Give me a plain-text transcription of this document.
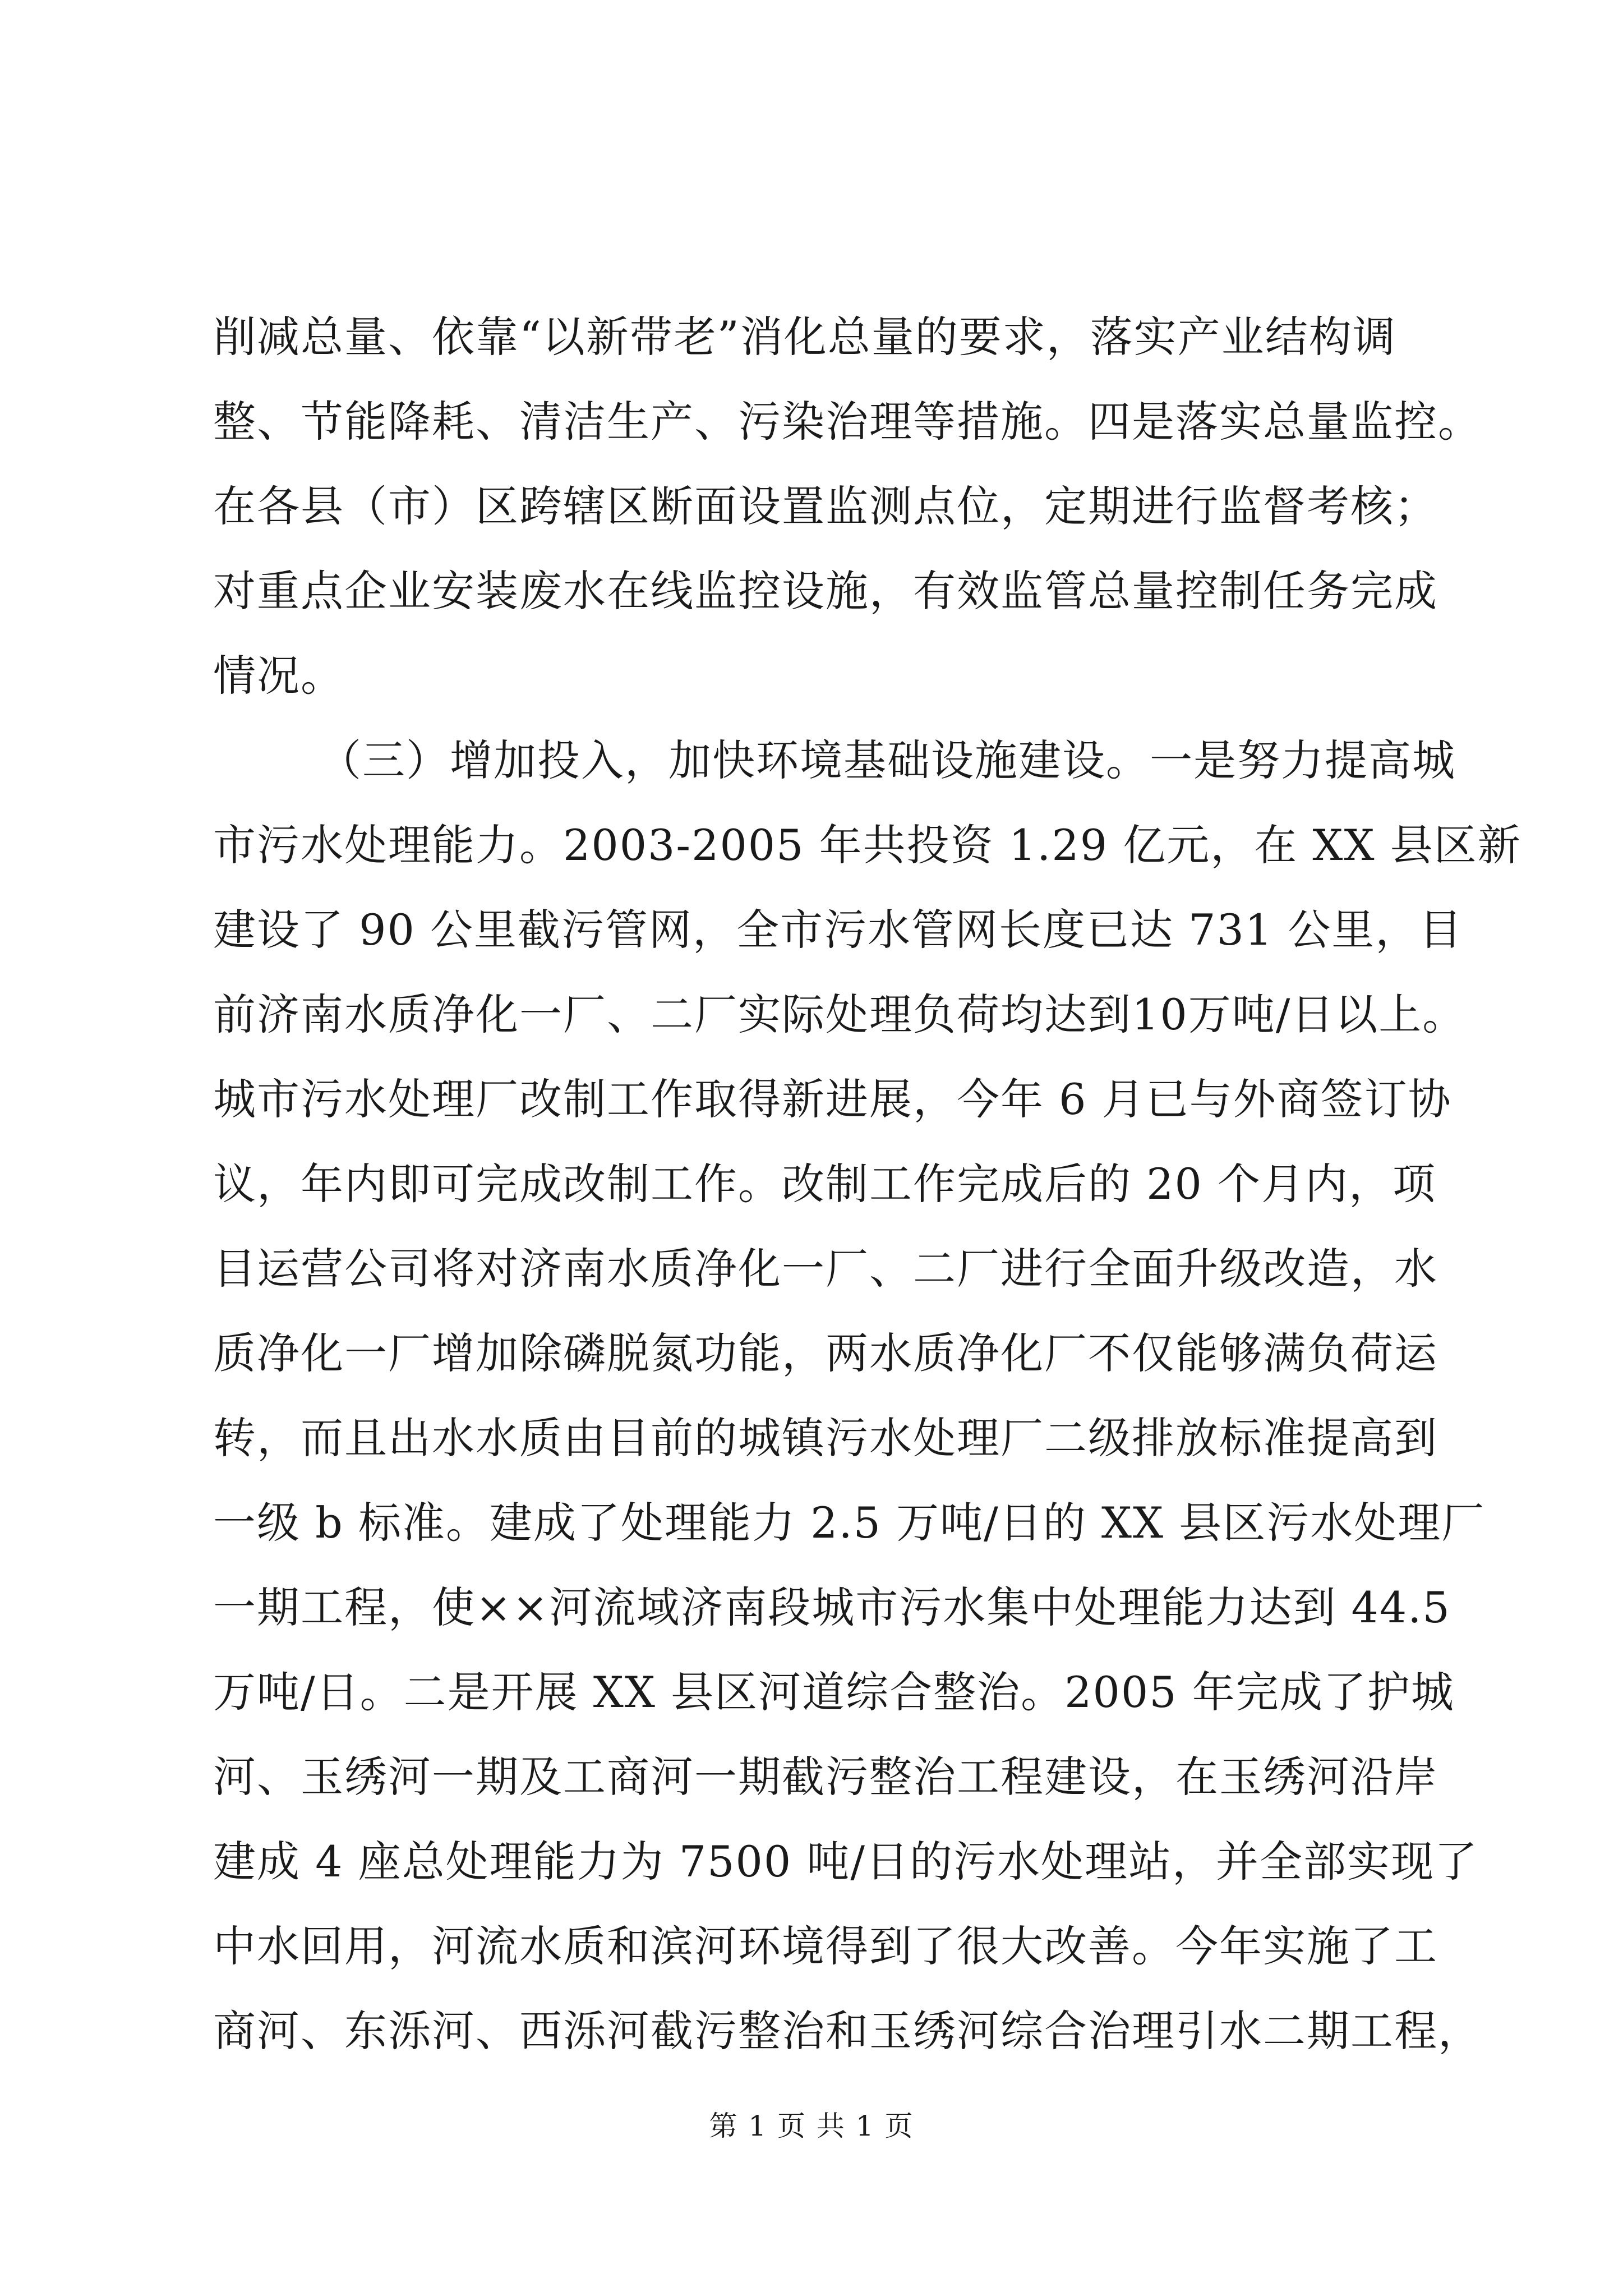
削减总量、依靠“以新带老”消化总量的要求，落实产业结构调
整、节能降耗、清洁生产、污染治理等措施。四是落实总量监控。
在各县（市）区跨辖区断面设置监测点位，定期进行监督考核；
对重点企业安装废水在线监控设施，有效监管总量控制任务完成
情况。
（三）增加投入，加快环境基础设施建设。一是努力提高城
市污水处理能力。2003-2005 年共投资 1.29 亿元，在 XX 县区新
建设了 90 公里截污管网，全市污水管网长度已达 731 公里，目
前济南水质净化一厂、二厂实际处理负荷均达到10万吨/日以上。
城市污水处理厂改制工作取得新进展，今年 6 月已与外商签订协
议，年内即可完成改制工作。改制工作完成后的 20 个月内，项
目运营公司将对济南水质净化一厂、二厂进行全面升级改造，水
质净化一厂增加除磷脱氮功能，两水质净化厂不仅能够满负荷运
转，而且出水水质由目前的城镇污水处理厂二级排放标准提高到
一级 b 标准。建成了处理能力 2.5 万吨/日的 XX 县区污水处理厂
一期工程，使××河流域济南段城市污水集中处理能力达到 44.5
万吨/日。二是开展 XX 县区河道综合整治。2005 年完成了护城
河、玉绣河一期及工商河一期截污整治工程建设，在玉绣河沿岸
建成 4 座总处理能力为 7500 吨/日的污水处理站，并全部实现了
中水回用，河流水质和滨河环境得到了很大改善。今年实施了工
商河、东泺河、西泺河截污整治和玉绣河综合治理引水二期工程，
第 1 页 共 1 页
